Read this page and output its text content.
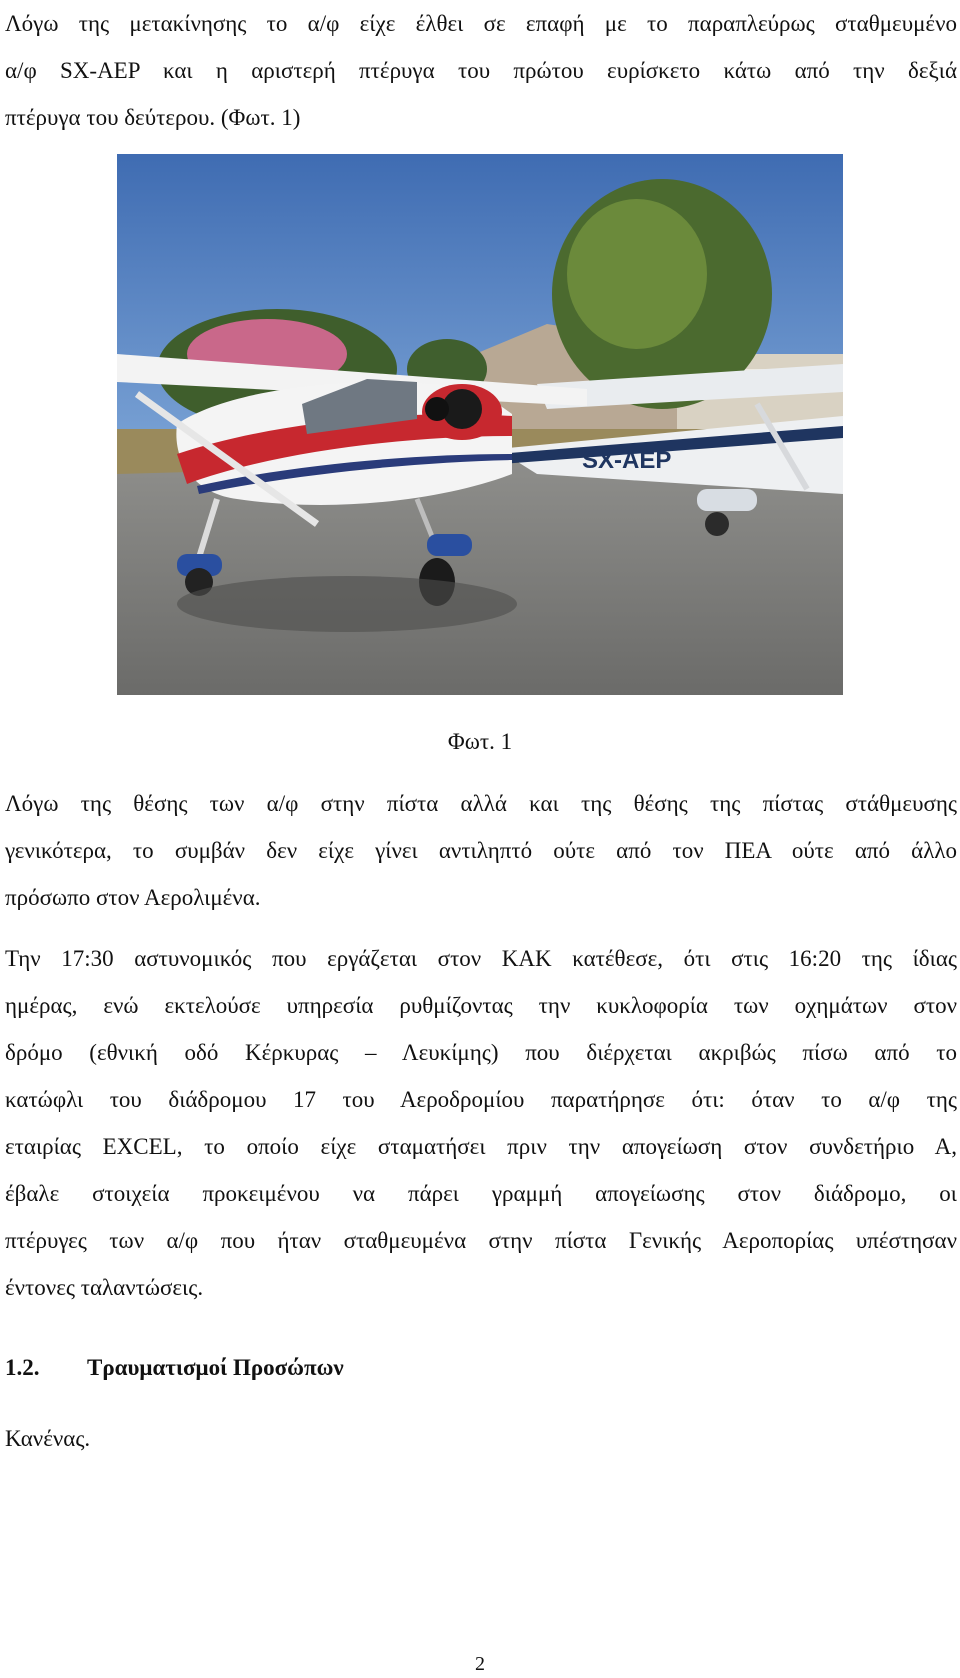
Λόγω της μετακίνησης το α/φ είχε έλθει σε επαφή με το παραπλεύρως σταθμευμένο
α/φ SX-AEP και η αριστερή πτέρυγα του πρώτου ευρίσκετο κάτω από την δεξιά
πτέρυγα του δεύτερου. (Φωτ. 1)
SX-AEP
Φωτ. 1
Λόγω της θέσης των α/φ στην πίστα αλλά και της θέσης της πίστας στάθμευσης
γενικότερα, το συμβάν δεν είχε γίνει αντιληπτό ούτε από τον ΠΕΑ ούτε από άλλο
πρόσωπο στον Αερολιμένα.
Την 17:30 αστυνομικός που εργάζεται στον ΚΑΚ κατέθεσε, ότι στις 16:20 της ίδιας
ημέρας, ενώ εκτελούσε υπηρεσία ρυθμίζοντας την κυκλοφορία των οχημάτων στον
δρόμο (εθνική οδό Κέρκυρας – Λευκίμης) που διέρχεται ακριβώς πίσω από το
κατώφλι του διάδρομου 17 του Αεροδρομίου παρατήρησε ότι: όταν το α/φ της
εταιρίας EXCEL, το οποίο είχε σταματήσει πριν την απογείωση στον συνδετήριο Α,
έβαλε στοιχεία προκειμένου να πάρει γραμμή απογείωσης στον διάδρομο, οι
πτέρυγες των α/φ που ήταν σταθμευμένα στην πίστα Γενικής Αεροπορίας υπέστησαν
έντονες ταλαντώσεις.
1.2. Τραυματισμοί Προσώπων
Κανένας.
2
